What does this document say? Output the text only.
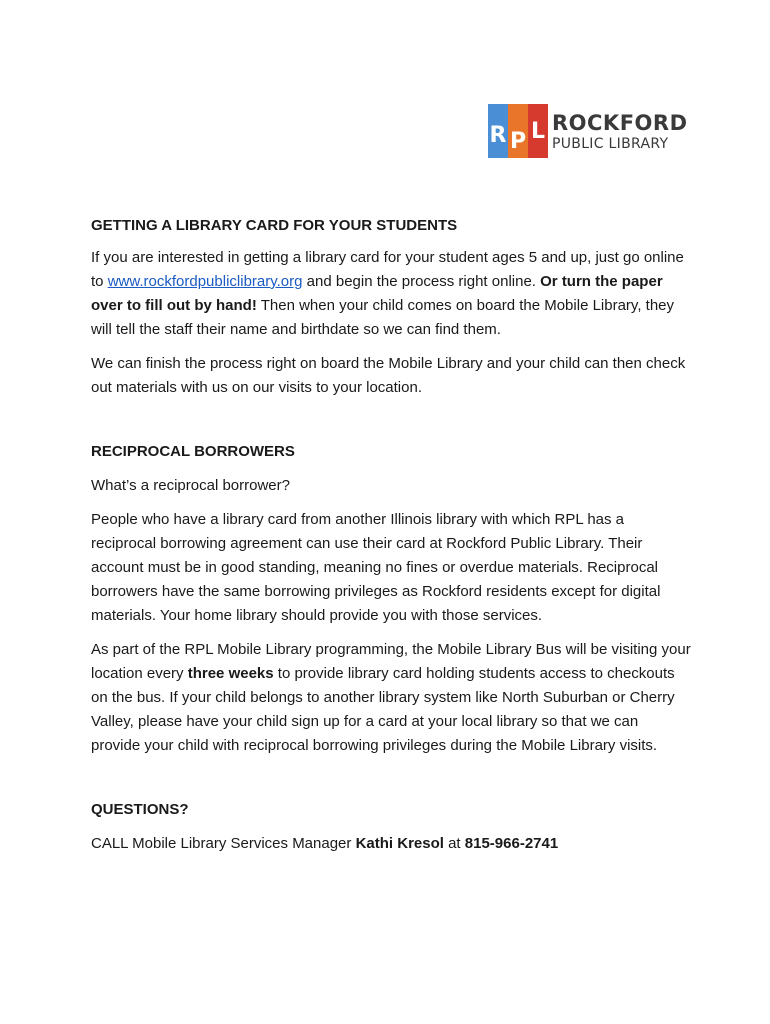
R P L ROCKFORD
PUBLIC LIBRARY
GETTING A LIBRARY CARD FOR YOUR STUDENTS

If you are interested in getting a library card for your student ages 5 and up, just go online to www.rockfordpubliclibrary.org and begin the process right online. Or turn the paper over to fill out by hand! Then when your child comes on board the Mobile Library, they will tell the staff their name and birthdate so we can find them.

We can finish the process right on board the Mobile Library and your child can then check out materials with us on our visits to your location.

RECIPROCAL BORROWERS

What’s a reciprocal borrower?

People who have a library card from another Illinois library with which RPL has a reciprocal borrowing agreement can use their card at Rockford Public Library. Their account must be in good standing, meaning no fines or overdue materials. Reciprocal borrowers have the same borrowing privileges as Rockford residents except for digital materials. Your home library should provide you with those services.

As part of the RPL Mobile Library programming, the Mobile Library Bus will be visiting your location every three weeks to provide library card holding students access to checkouts on the bus. If your child belongs to another library system like North Suburban or Cherry Valley, please have your child sign up for a card at your local library so that we can provide your child with reciprocal borrowing privileges during the Mobile Library visits.

QUESTIONS?

CALL Mobile Library Services Manager Kathi Kresol at 815-966-2741
